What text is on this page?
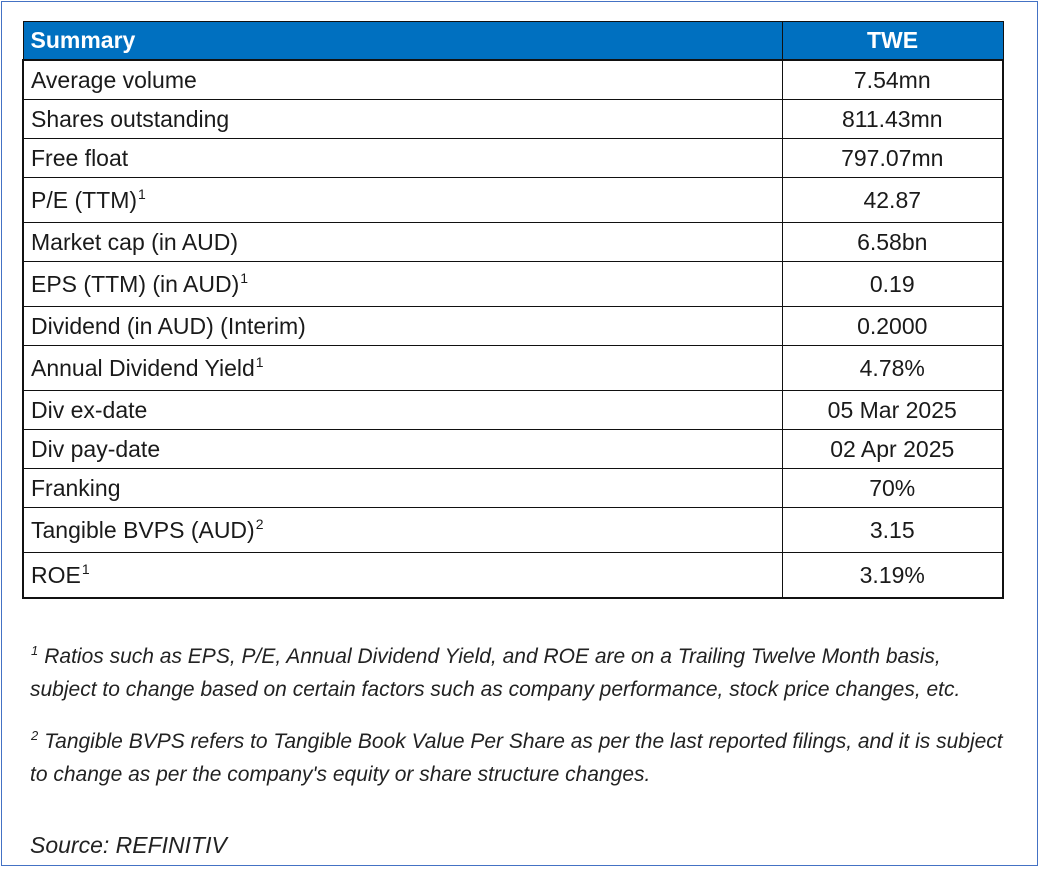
Summary	TWE
Average volume	7.54mn
Shares outstanding	811.43mn
Free float	797.07mn
P/E (TTM)$^1$	42.87
Market cap (in AUD)	6.58bn
EPS (TTM) (in AUD)$^1$	0.19
Dividend (in AUD) (Interim)	0.2000
Annual Dividend Yield$^1$	4.78%
Div ex-date	05 Mar 2025
Div pay-date	02 Apr 2025
Franking	70%
Tangible BVPS (AUD)$^2$	3.15
ROE$^1$	3.19%

$^1$ Ratios such as EPS, P/E, Annual Dividend Yield, and ROE are on a Trailing Twelve Month basis, subject to change based on certain factors such as company performance, stock price changes, etc.

$^2$ Tangible BVPS refers to Tangible Book Value Per Share as per the last reported filings, and it is subject to change as per the company's equity or share structure changes.

Source: REFINITIV
